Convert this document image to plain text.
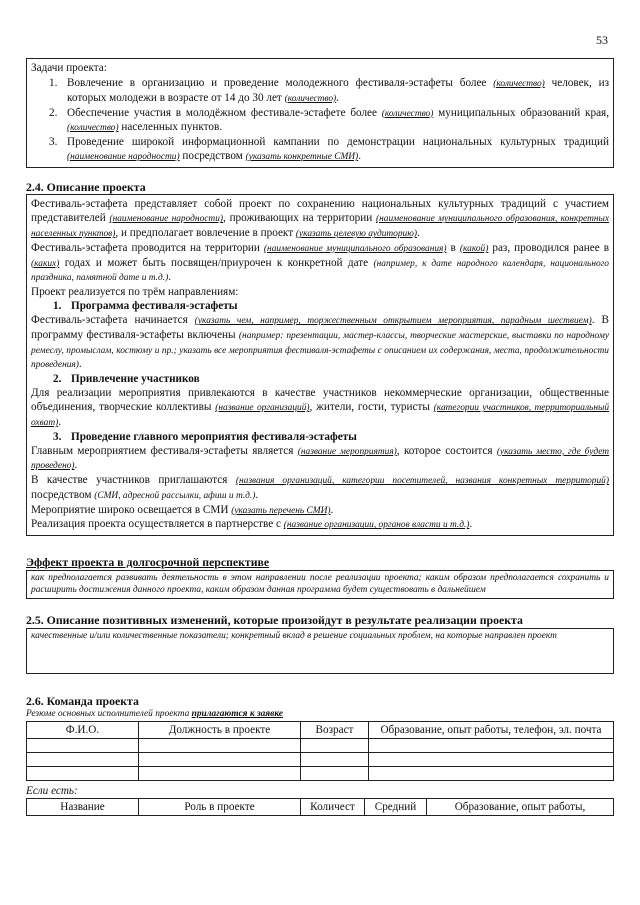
53
Задачи проекта:
1. Вовлечение в организацию и проведение молодежного фестиваля-эстафеты более (количество) человек, из которых молодежи в возрасте от 14 до 30 лет (количество).
2. Обеспечение участия в молодёжном фестивале-эстафете более (количество) муниципальных образований края, (количество) населенных пунктов.
3. Проведение широкой информационной кампании по демонстрации национальных культурных традиций (наименование народности) посредством (указать конкретные СМИ).
2.4. Описание проекта

Фестиваль-эстафета представляет собой проект по сохранению национальных культурных традиций с участием представителей (наименование народности), проживающих на территории (наименование муниципального образования, конкретных населенных пунктов), и предполагает вовлечение в проект (указать целевую аудиторию).

Фестиваль-эстафета проводится на территории (наименование муниципального образования) в (какой) раз, проводился ранее в (каких) годах и может быть посвящен/приурочен к конкретной дате (например, к дате народного календаря, национального праздника, памятной дате и т.д.).

Проект реализуется по трём направлениям:

1. Программа фестиваля-эстафеты

Фестиваль-эстафета начинается (указать чем, например, торжественным открытием мероприятия, парадным шествием). В программу фестиваля-эстафеты включены (например: презентации, мастер-классы, творческие мастерские, выставки по народному ремеслу, промыслам, костюму и пр.; указать все мероприятия фестиваля-эстафеты с описанием их содержания, места, продолжительности проведения).

2. Привлечение участников

Для реализации мероприятия привлекаются в качестве участников некоммерческие организации, общественные объединения, творческие коллективы (название организаций), жители, гости, туристы (категории участников, территориальный охват).

3. Проведение главного мероприятия фестиваля-эстафеты

Главным мероприятием фестиваля-эстафеты является (название мероприятия), которое состоится (указать место, где будет проведено).

В качестве участников приглашаются (названия организаций, категории посетителей, названия конкретных территорий) посредством (СМИ, адресной рассылки, афиш и т.д.).

Мероприятие широко освещается в СМИ (указать перечень СМИ).

Реализация проекта осуществляется в партнерстве с (название организации, органов власти и т.д.).

Эффект проекта в долгосрочной перспективе
как предполагается развивать деятельность в этом направлении после реализации проекта; каким образом предполагается сохранить и расширить достижения данного проекта, каким образом данная программа будет существовать в дальнейшем
2.5. Описание позитивных изменений, которые произойдут в результате реализации проекта
качественные и/или количественные показатели; конкретный вклад в решение социальных проблем, на которые направлен проект
2.6. Команда проекта
Резюме основных исполнителей проекта прилагаются к заявке
Ф.И.О.	Должность в проекте	Возраст	Образование, опыт работы, телефон, эл. почта

Если есть:
Название	Роль в проекте	Количест	Средний	Образование, опыт работы,
